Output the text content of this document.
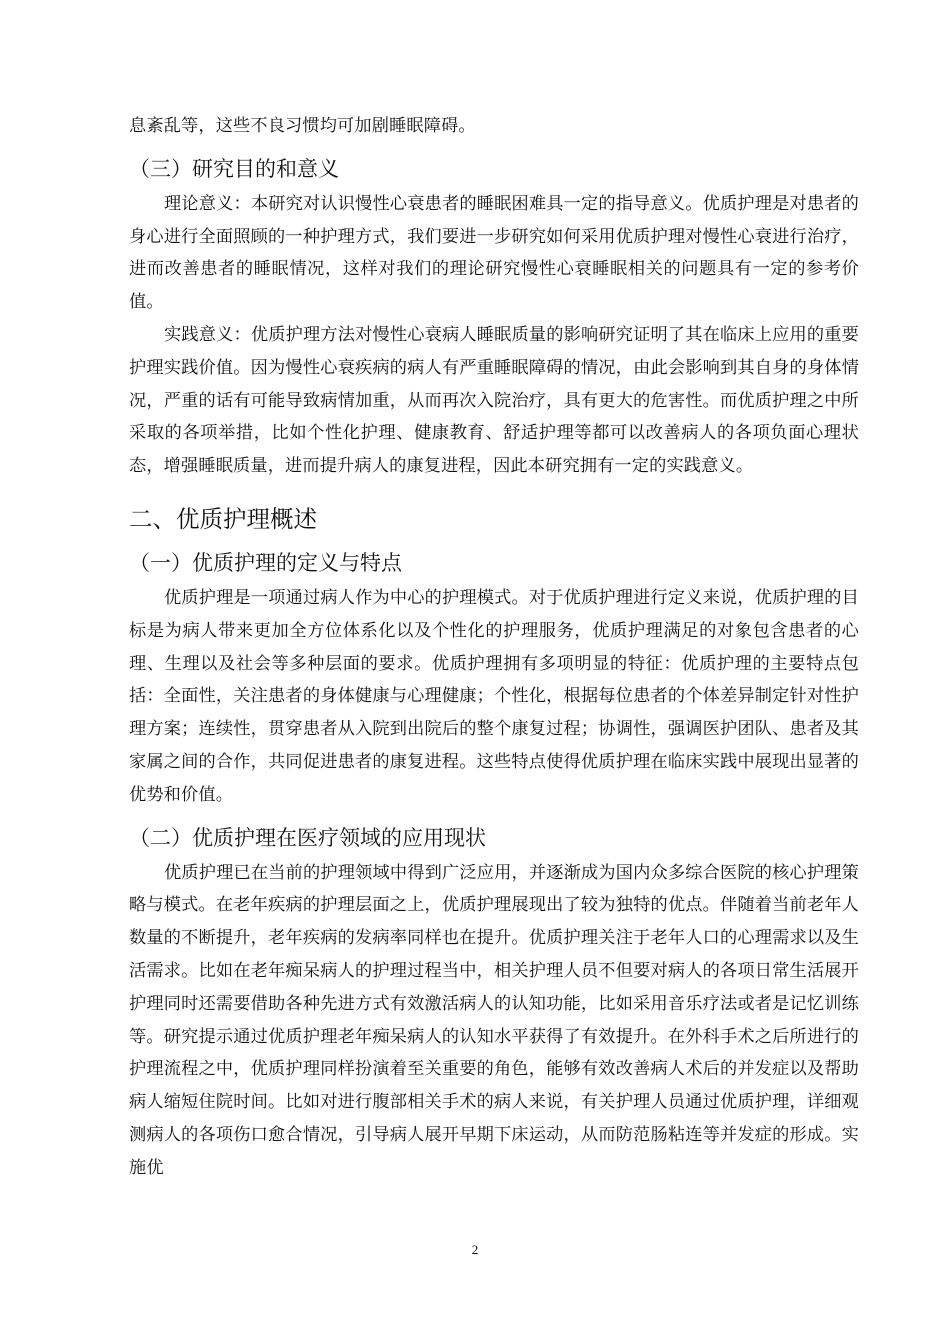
息紊乱等，这些不良习惯均可加剧睡眠障碍。

（三）研究目的和意义

理论意义：本研究对认识慢性心衰患者的睡眠困难具一定的指导意义。优质护理是对患者的身心进行全面照顾的一种护理方式，我们要进一步研究如何采用优质护理对慢性心衰进行治疗，进而改善患者的睡眠情况，这样对我们的理论研究慢性心衰睡眠相关的问题具有一定的参考价值。

实践意义：优质护理方法对慢性心衰病人睡眠质量的影响研究证明了其在临床上应用的重要护理实践价值。因为慢性心衰疾病的病人有严重睡眠障碍的情况，由此会影响到其自身的身体情况，严重的话有可能导致病情加重，从而再次入院治疗，具有更大的危害性。而优质护理之中所采取的各项举措，比如个性化护理、健康教育、舒适护理等都可以改善病人的各项负面心理状态，增强睡眠质量，进而提升病人的康复进程，因此本研究拥有一定的实践意义。

二、优质护理概述
（一）优质护理的定义与特点

优质护理是一项通过病人作为中心的护理模式。对于优质护理进行定义来说，优质护理的目标是为病人带来更加全方位体系化以及个性化的护理服务，优质护理满足的对象包含患者的心理、生理以及社会等多种层面的要求。优质护理拥有多项明显的特征：优质护理的主要特点包括：全面性，关注患者的身体健康与心理健康；个性化，根据每位患者的个体差异制定针对性护理方案；连续性，贯穿患者从入院到出院后的整个康复过程；协调性，强调医护团队、患者及其家属之间的合作，共同促进患者的康复进程。这些特点使得优质护理在临床实践中展现出显著的优势和价值。

（二）优质护理在医疗领域的应用现状

优质护理已在当前的护理领域中得到广泛应用，并逐渐成为国内众多综合医院的核心护理策略与模式。在老年疾病的护理层面之上，优质护理展现出了较为独特的优点。伴随着当前老年人数量的不断提升，老年疾病的发病率同样也在提升。优质护理关注于老年人口的心理需求以及生活需求。比如在老年痴呆病人的护理过程当中，相关护理人员不但要对病人的各项日常生活展开护理同时还需要借助各种先进方式有效激活病人的认知功能，比如采用音乐疗法或者是记忆训练等。研究提示通过优质护理老年痴呆病人的认知水平获得了有效提升。在外科手术之后所进行的护理流程之中，优质护理同样扮演着至关重要的角色，能够有效改善病人术后的并发症以及帮助病人缩短住院时间。比如对进行腹部相关手术的病人来说，有关护理人员通过优质护理，详细观测病人的各项伤口愈合情况，引导病人展开早期下床运动，从而防范肠粘连等并发症的形成。实施优

2
